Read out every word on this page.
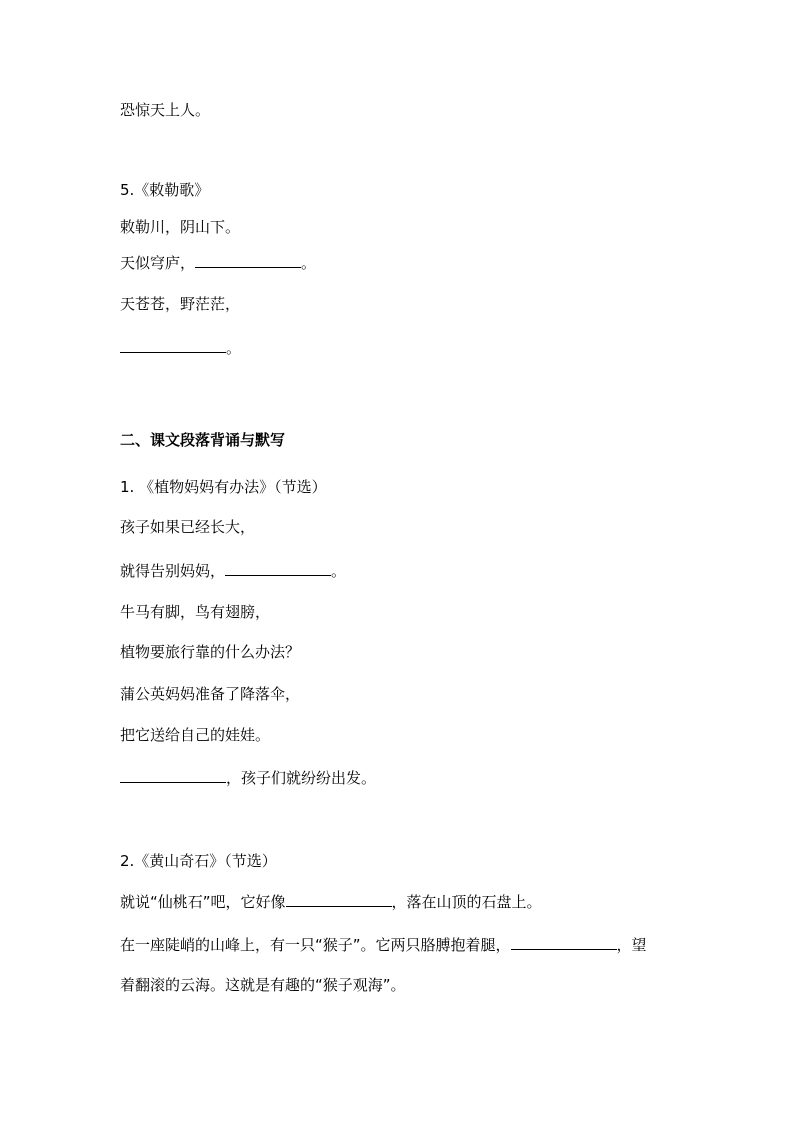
恐惊天上人。
5.《敕勒歌》
敕勒川，阴山下。
天似穹庐，	。
天苍苍，野茫茫，
。
二、课文段落背诵与默写
1. 《植物妈妈有办法》（节选）
孩子如果已经长大，
就得告别妈妈，	。
牛马有脚，鸟有翅膀，
植物要旅行靠的什么办法？
蒲公英妈妈准备了降落伞，
把它送给自己的娃娃。
，孩子们就纷纷出发。
2.《黄山奇石》（节选）
就说“仙桃石”吧，它好像	，落在山顶的石盘上。
在一座陡峭的山峰上，有一只“猴子”。它两只胳膊抱着腿，	，望
着翻滚的云海。这就是有趣的“猴子观海”。
